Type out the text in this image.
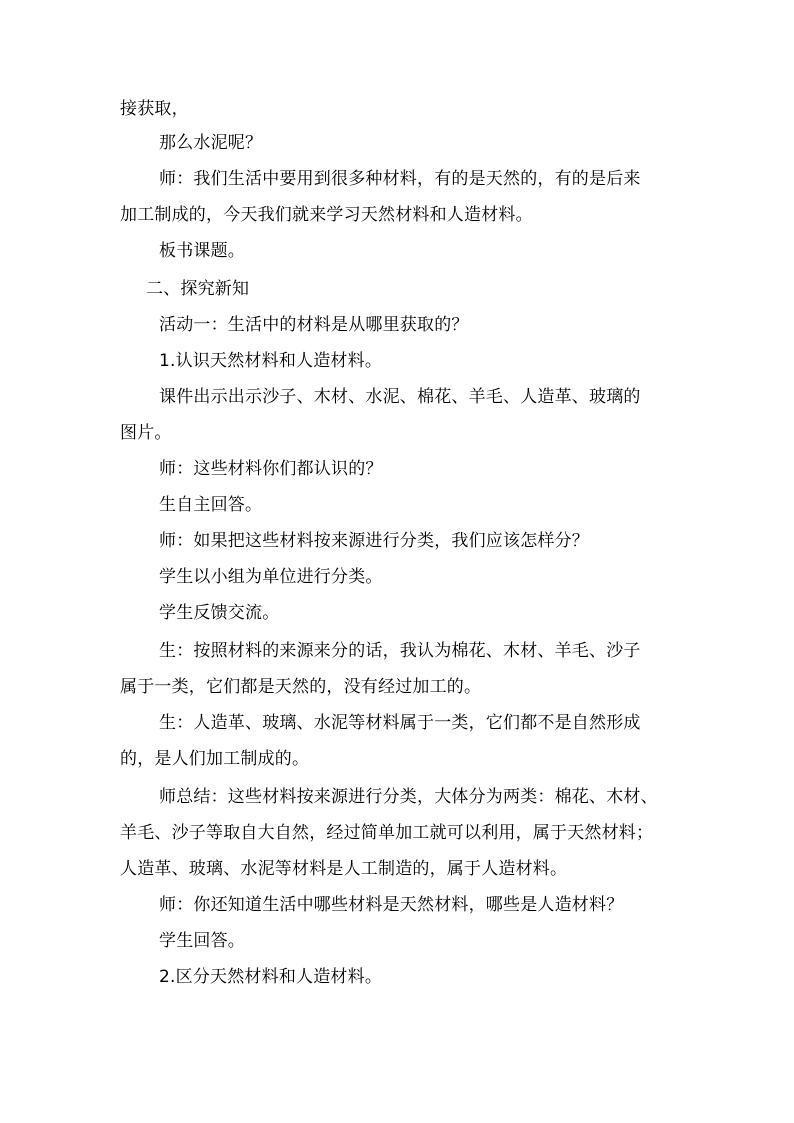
接获取，
那么水泥呢？
师：我们生活中要用到很多种材料，有的是天然的，有的是后来
加工制成的，今天我们就来学习天然材料和人造材料。
板书课题。
二、探究新知
活动一：生活中的材料是从哪里获取的？
1.认识天然材料和人造材料。
课件出示出示沙子、木材、水泥、棉花、羊毛、人造革、玻璃的
图片。
师：这些材料你们都认识的？
生自主回答。
师：如果把这些材料按来源进行分类，我们应该怎样分？
学生以小组为单位进行分类。
学生反馈交流。
生：按照材料的来源来分的话，我认为棉花、木材、羊毛、沙子
属于一类，它们都是天然的，没有经过加工的。
生：人造革、玻璃、水泥等材料属于一类，它们都不是自然形成
的，是人们加工制成的。
师总结：这些材料按来源进行分类，大体分为两类：棉花、木材、
羊毛、沙子等取自大自然，经过简单加工就可以利用，属于天然材料；
人造革、玻璃、水泥等材料是人工制造的，属于人造材料。
师：你还知道生活中哪些材料是天然材料，哪些是人造材料？
学生回答。
2.区分天然材料和人造材料。
